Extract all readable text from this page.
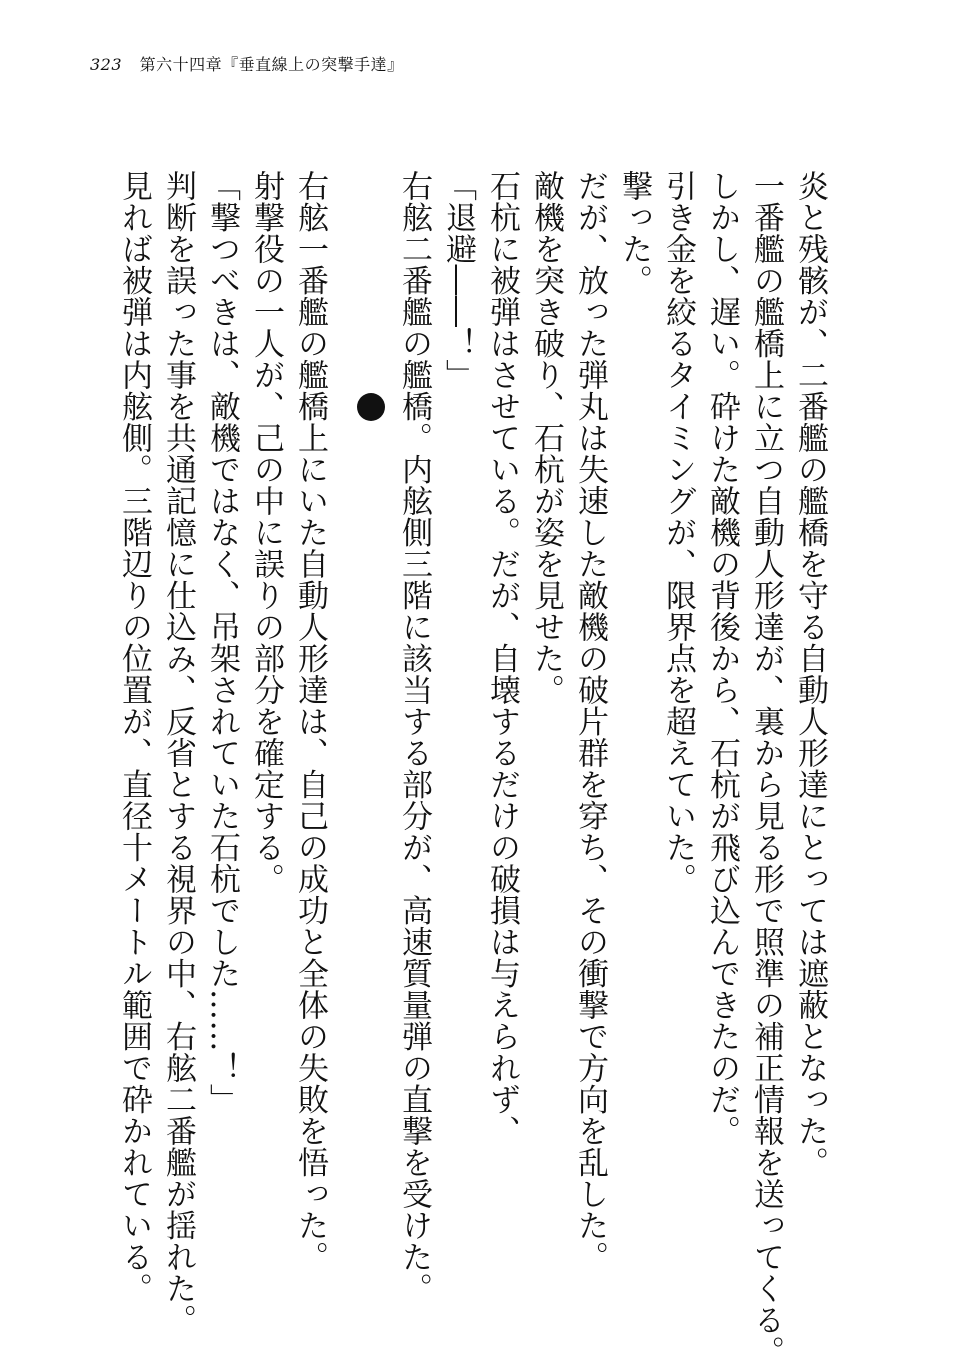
323 第六十四章『垂直線上の突撃手達』
炎と残骸が、二番艦の艦橋を守る自動人形達にとっては遮蔽となった。
一番艦の艦橋上に立つ自動人形達が、裏から見る形で照準の補正情報を送ってくる。
しかし、遅い。砕けた敵機の背後から、石杭が飛び込んできたのだ。
引き金を絞るタイミングが、限界点を超えていた。
撃った。
だが、放った弾丸は失速した敵機の破片群を穿ち、その衝撃で方向を乱した。
敵機を突き破り、石杭が姿を見せた。
石杭に被弾はさせている。だが、自壊するだけの破損は与えられず、
「退避――！」
右舷二番艦の艦橋。内舷側三階に該当する部分が、高速質量弾の直撃を受けた。
右舷一番艦の艦橋上にいた自動人形達は、自己の成功と全体の失敗を悟った。
射撃役の一人が、己の中に誤りの部分を確定する。
「撃つべきは、敵機ではなく、吊架されていた石杭でした……！」
判断を誤った事を共通記憶に仕込み、反省とする視界の中、右舷二番艦が揺れた。
見れば被弾は内舷側。三階辺りの位置が、直径十メートル範囲で砕かれている。
